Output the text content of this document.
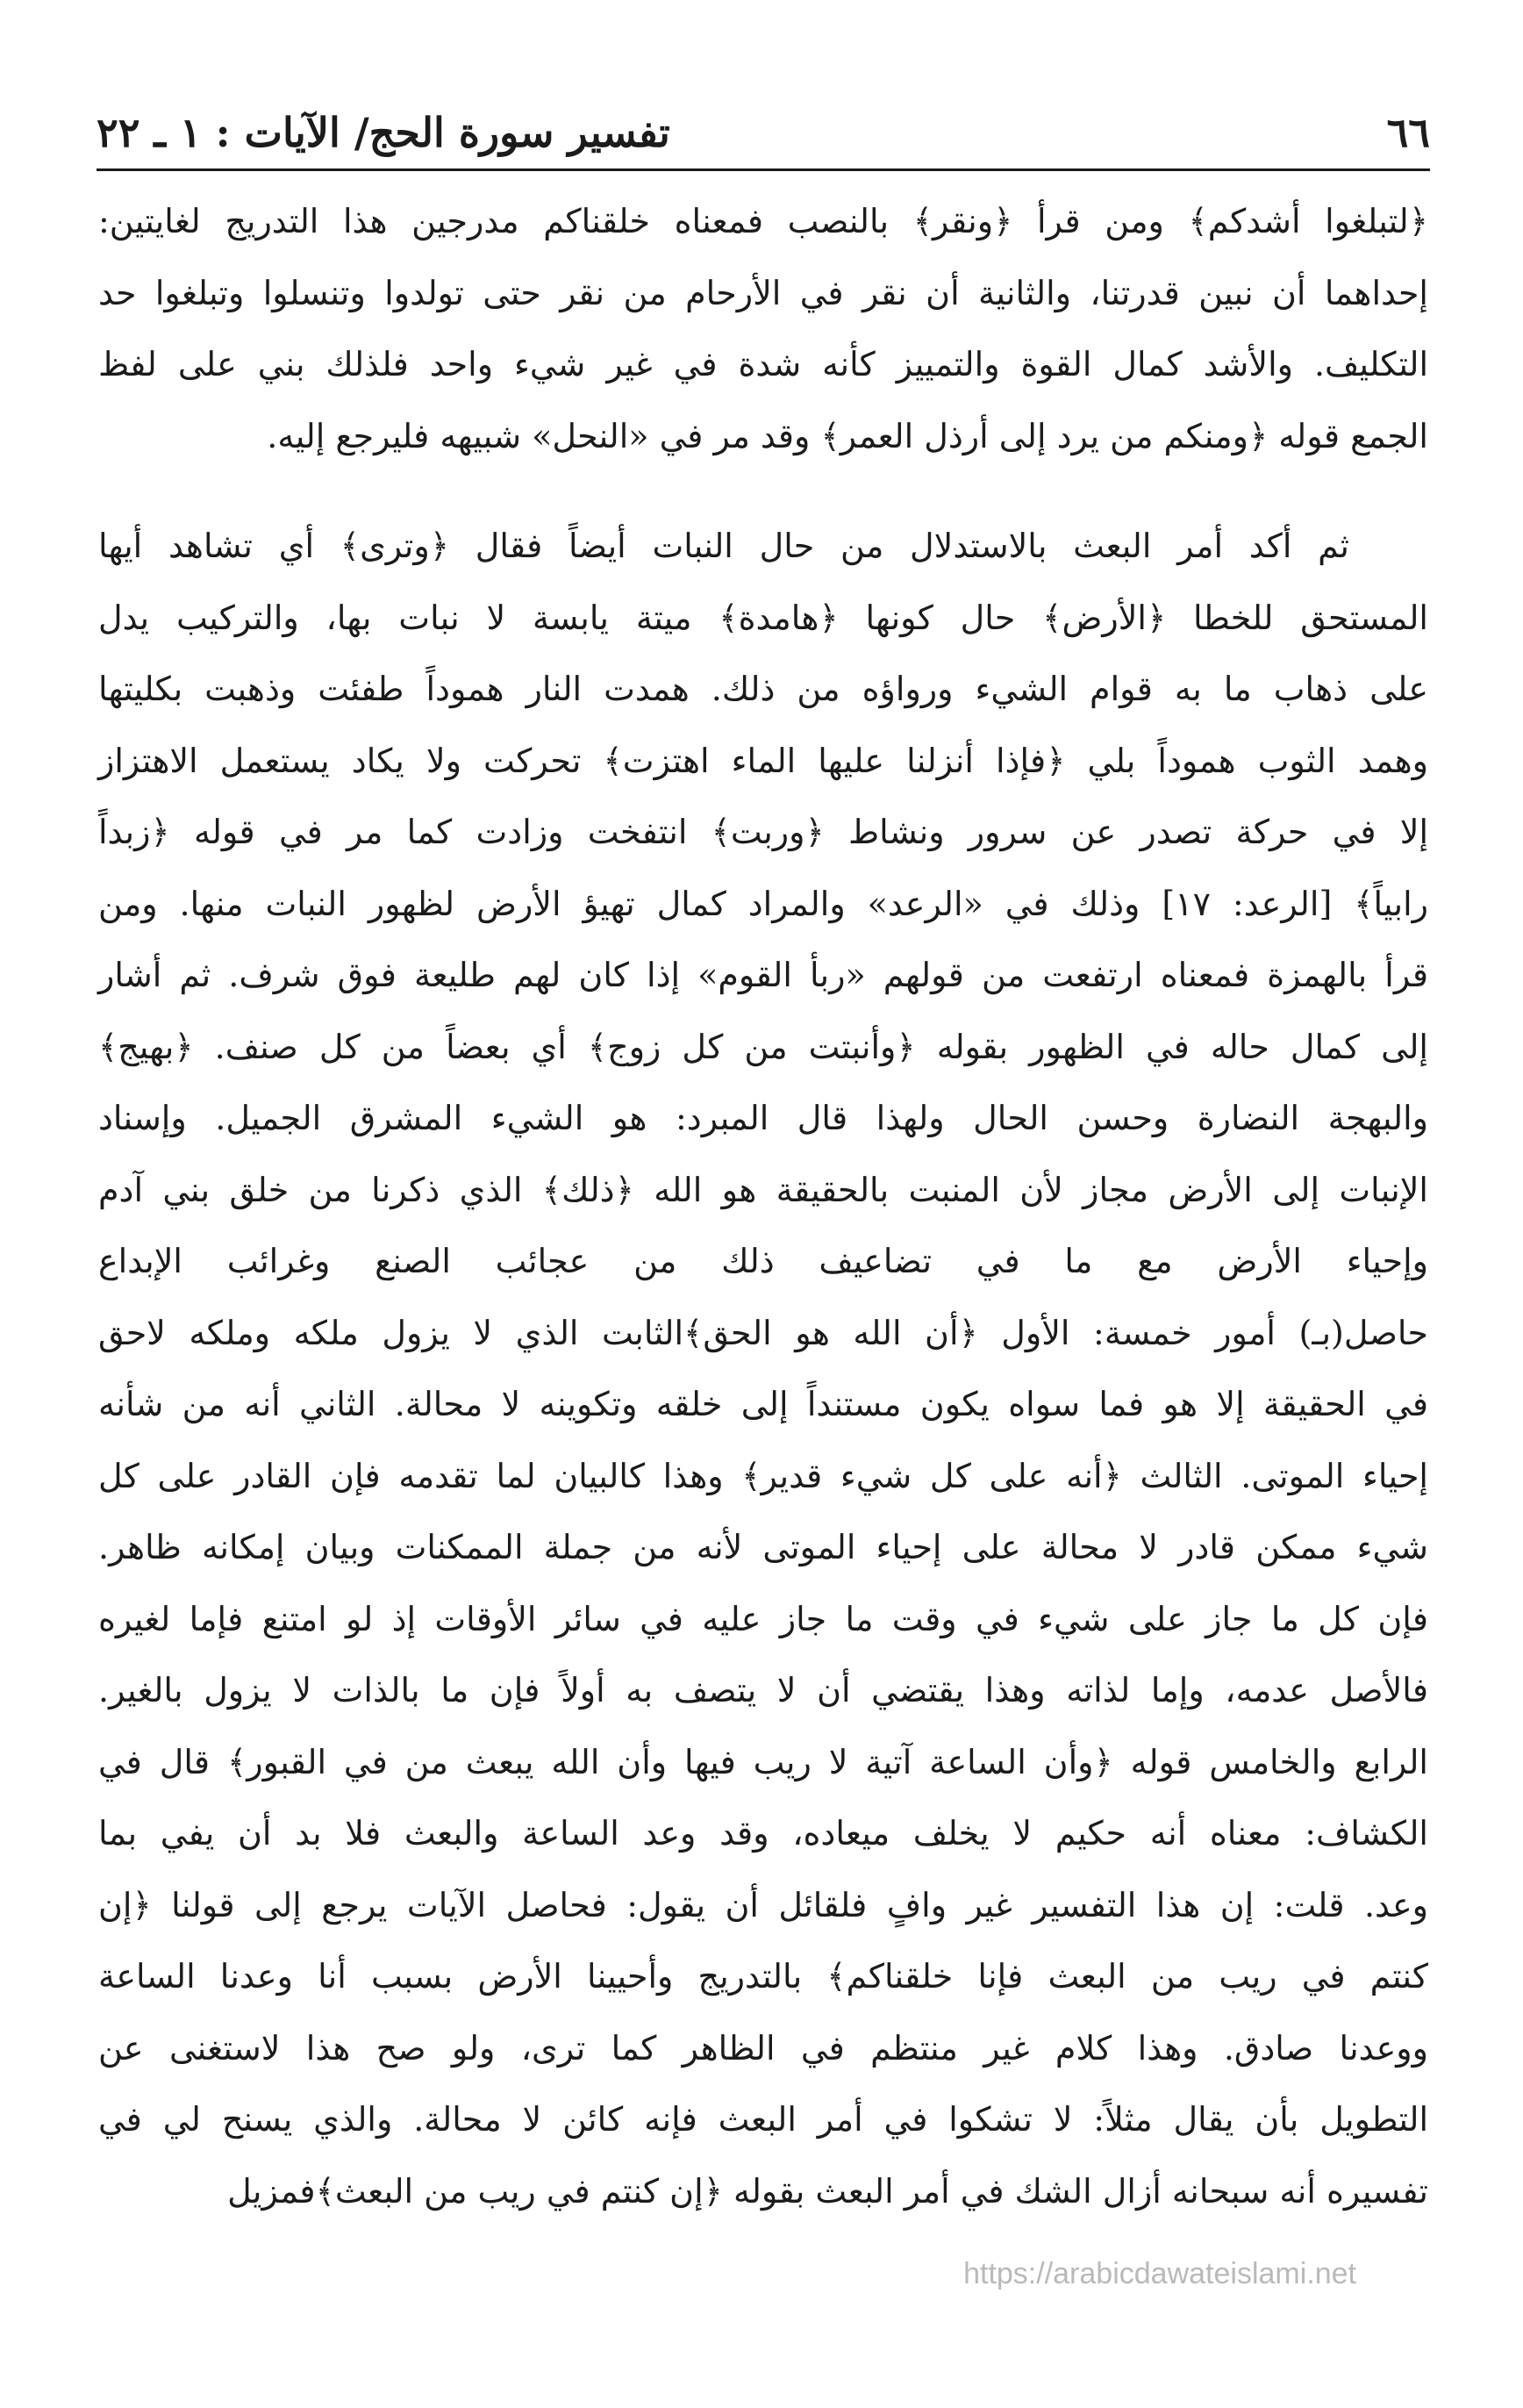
٦٦
تفسير سورة الحج/ الآيات : ١ ـ ٢٢
﴿لتبلغوا أشدكم﴾ ومن قرأ ﴿ونقر﴾ بالنصب فمعناه خلقناكم مدرجين هذا التدريج لغايتين:
إحداهما أن نبين قدرتنا، والثانية أن نقر في الأرحام من نقر حتى تولدوا وتنسلوا وتبلغوا حد
التكليف. والأشد كمال القوة والتمييز كأنه شدة في غير شيء واحد فلذلك بني على لفظ
الجمع قوله ﴿ومنكم من يرد إلى أرذل العمر﴾ وقد مر في «النحل» شبيهه فليرجع إليه.
ثم أكد أمر البعث بالاستدلال من حال النبات أيضاً فقال ﴿وترى﴾ أي تشاهد أيها
المستحق للخطا ﴿الأرض﴾ حال كونها ﴿هامدة﴾ ميتة يابسة لا نبات بها، والتركيب يدل
على ذهاب ما به قوام الشيء ورواؤه من ذلك. همدت النار هموداً طفئت وذهبت بكليتها
وهمد الثوب هموداً بلي ﴿فإذا أنزلنا عليها الماء اهتزت﴾ تحركت ولا يكاد يستعمل الاهتزاز
إلا في حركة تصدر عن سرور ونشاط ﴿وربت﴾ انتفخت وزادت كما مر في قوله ﴿زبداً
رابياً﴾ [الرعد: ١٧] وذلك في «الرعد» والمراد كمال تهيؤ الأرض لظهور النبات منها. ومن
قرأ بالهمزة فمعناه ارتفعت من قولهم «ربأ القوم» إذا كان لهم طليعة فوق شرف. ثم أشار
إلى كمال حاله في الظهور بقوله ﴿وأنبتت من كل زوج﴾ أي بعضاً من كل صنف. ﴿بهيج﴾
والبهجة النضارة وحسن الحال ولهذا قال المبرد: هو الشيء المشرق الجميل. وإسناد
الإنبات إلى الأرض مجاز لأن المنبت بالحقيقة هو الله ﴿ذلك﴾ الذي ذكرنا من خلق بني آدم
وإحياء الأرض مع ما في تضاعيف ذلك من عجائب الصنع وغرائب الإبداع
حاصل(بـ) أمور خمسة: الأول ﴿أن الله هو الحق﴾الثابت الذي لا يزول ملكه وملكه لاحق
في الحقيقة إلا هو فما سواه يكون مستنداً إلى خلقه وتكوينه لا محالة. الثاني أنه من شأنه
إحياء الموتى. الثالث ﴿أنه على كل شيء قدير﴾ وهذا كالبيان لما تقدمه فإن القادر على كل
شيء ممكن قادر لا محالة على إحياء الموتى لأنه من جملة الممكنات وبيان إمكانه ظاهر.
فإن كل ما جاز على شيء في وقت ما جاز عليه في سائر الأوقات إذ لو امتنع فإما لغيره
فالأصل عدمه، وإما لذاته وهذا يقتضي أن لا يتصف به أولاً فإن ما بالذات لا يزول بالغير.
الرابع والخامس قوله ﴿وأن الساعة آتية لا ريب فيها وأن الله يبعث من في القبور﴾ قال في
الكشاف: معناه أنه حكيم لا يخلف ميعاده، وقد وعد الساعة والبعث فلا بد أن يفي بما
وعد. قلت: إن هذا التفسير غير وافٍ فلقائل أن يقول: فحاصل الآيات يرجع إلى قولنا ﴿إن
كنتم في ريب من البعث فإنا خلقناكم﴾ بالتدريج وأحيينا الأرض بسبب أنا وعدنا الساعة
ووعدنا صادق. وهذا كلام غير منتظم في الظاهر كما ترى، ولو صح هذا لاستغنى عن
التطويل بأن يقال مثلاً: لا تشكوا في أمر البعث فإنه كائن لا محالة. والذي يسنح لي في
تفسيره أنه سبحانه أزال الشك في أمر البعث بقوله ﴿إن كنتم في ريب من البعث﴾فمزيل
https://arabicdawateislami.net
